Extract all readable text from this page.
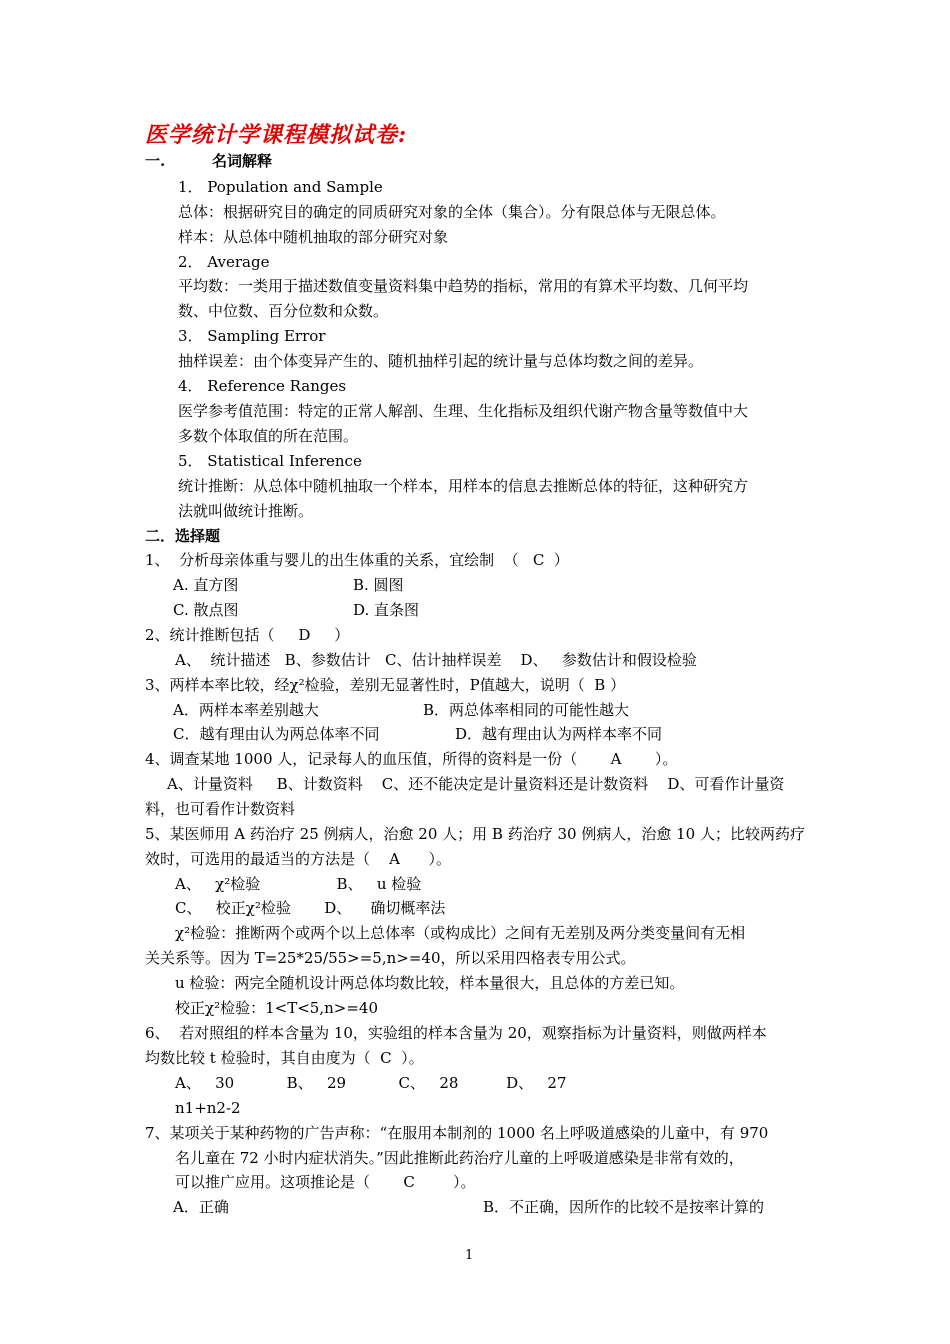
医学统计学课程模拟试卷:
一.	名词解释
1． Population and Sample
总体：根据研究目的确定的同质研究对象的全体（集合）。分有限总体与无限总体。
样本：从总体中随机抽取的部分研究对象
2． Average
平均数：一类用于描述数值变量资料集中趋势的指标，常用的有算术平均数、几何平均
数、中位数、百分位数和众数。
3． Sampling Error
抽样误差：由个体变异产生的、随机抽样引起的统计量与总体均数之间的差异。
4． Reference Ranges
医学参考值范围：特定的正常人解剖、生理、生化指标及组织代谢产物含量等数值中大
多数个体取值的所在范围。
5． Statistical Inference
统计推断：从总体中随机抽取一个样本，用样本的信息去推断总体的特征，这种研究方
法就叫做统计推断。
二．选择题
1、  分析母亲体重与婴儿的出生体重的关系，宜绘制  （   C  ）
A. 直方图	B. 圆图
C. 散点图	D. 直条图
2、统计推断包括（     D     ）
A、  统计描述   B、参数估计   C、估计抽样误差    D、   参数估计和假设检验
3、两样本率比较，经χ²检验，差别无显著性时，P值越大，说明（  B ）
A．两样本率差别越大	B．两总体率相同的可能性越大
C．越有理由认为两总体率不同	D．越有理由认为两样本率不同
4、调查某地 1000 人，记录每人的血压值，所得的资料是一份（       A       ）。
A、计量资料     B、计数资料    C、还不能决定是计量资料还是计数资料    D、可看作计量资
料，也可看作计数资料
5、某医师用 A 药治疗 25 例病人，治愈 20 人；用 B 药治疗 30 例病人，治愈 10 人；比较两药疗
效时，可选用的最适当的方法是（    A      ）。
A、   χ²检验                B、   u 检验
C、   校正χ²检验       D、    确切概率法
χ²检验：推断两个或两个以上总体率（或构成比）之间有无差别及两分类变量间有无相
关关系等。因为 T=25*25/55>=5,n>=40，所以采用四格表专用公式。
u 检验：两完全随机设计两总体均数比较，样本量很大，且总体的方差已知。
校正χ²检验：1<T<5,n>=40
6、  若对照组的样本含量为 10，实验组的样本含量为 20，观察指标为计量资料，则做两样本
均数比较 t 检验时，其自由度为（  C  ）。
A、   30           B、   29           C、   28          D、   27
n1+n2-2
7、某项关于某种药物的广告声称：“在服用本制剂的 1000 名上呼吸道感染的儿童中，有 970
名儿童在 72 小时内症状消失。”因此推断此药治疗儿童的上呼吸道感染是非常有效的，
可以推广应用。这项推论是（       C        ）。
A．正确	B．不正确，因所作的比较不是按率计算的
1
